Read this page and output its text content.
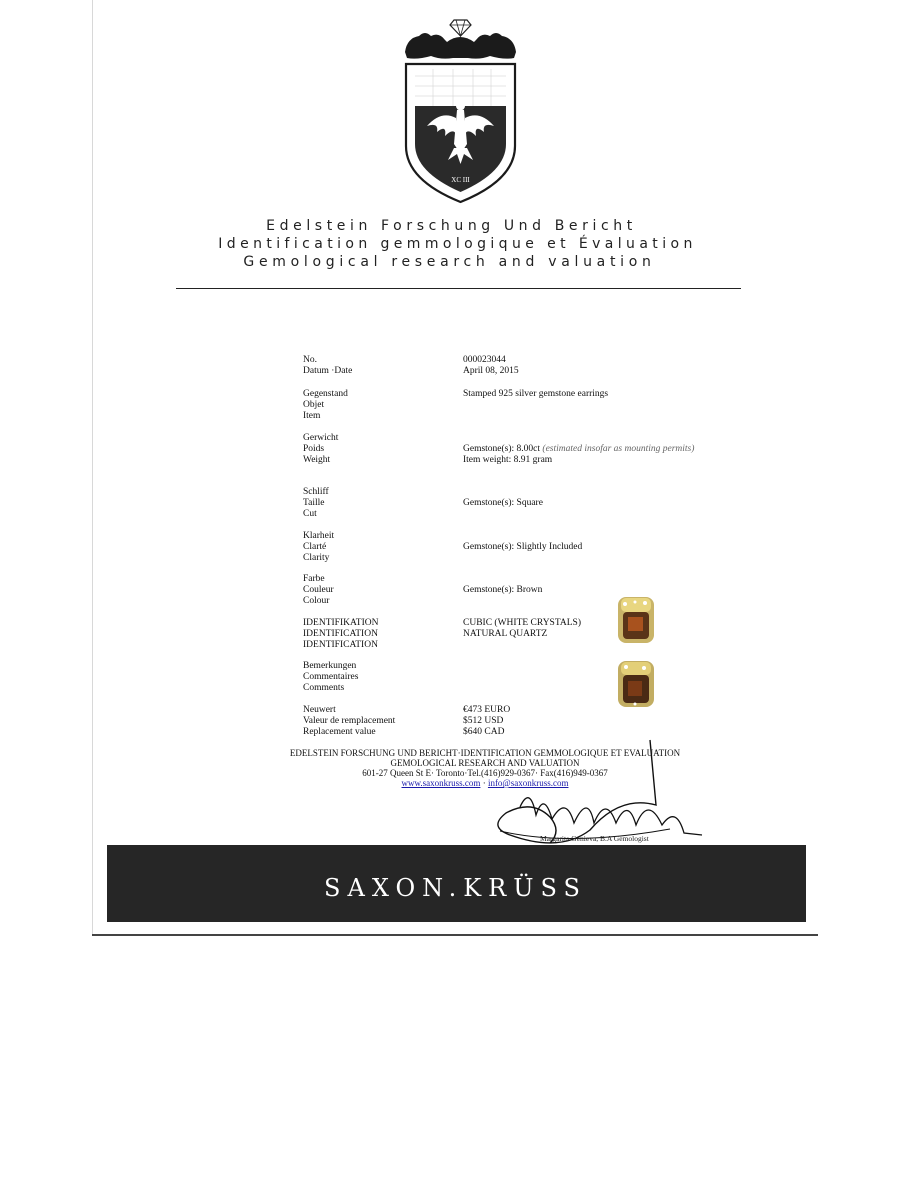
XC III
Edelstein Forschung Und Bericht
Identification gemmologique et Évaluation
Gemological research and valuation
No.
Datum ·Date
Gegenstand
Objet
Item
Gerwicht
Poids
Weight
Schliff
Taille
Cut
Klarheit
Clarté
Clarity
Farbe
Couleur
Colour
IDENTIFIKATION
IDENTIFICATION
IDENTIFICATION
Bemerkungen
Commentaires
Comments
Neuwert
Valeur de remplacement
Replacement value
000023044
April 08, 2015
Stamped 925 silver gemstone earrings
Gemstone(s): 8.00ct (estimated insofar as mounting permits)
Item weight: 8.91 gram
Gemstone(s): Square
Gemstone(s): Slightly Included
Gemstone(s): Brown
CUBIC (WHITE CRYSTALS)
NATURAL QUARTZ
€473 EURO
$512 USD
$640 CAD
EDELSTEIN FORSCHUNG UND BERICHT·IDENTIFICATION GEMMOLOGIQUE ET EVALUATION
GEMOLOGICAL RESEARCH AND VALUATION
601-27 Queen St E· Toronto·Tel.(416)929-0367· Fax(416)949-0367
www.saxonkruss.com · info@saxonkruss.com
Margarita Genieva, B.A Gemologist
SAXON.KRÜSS
